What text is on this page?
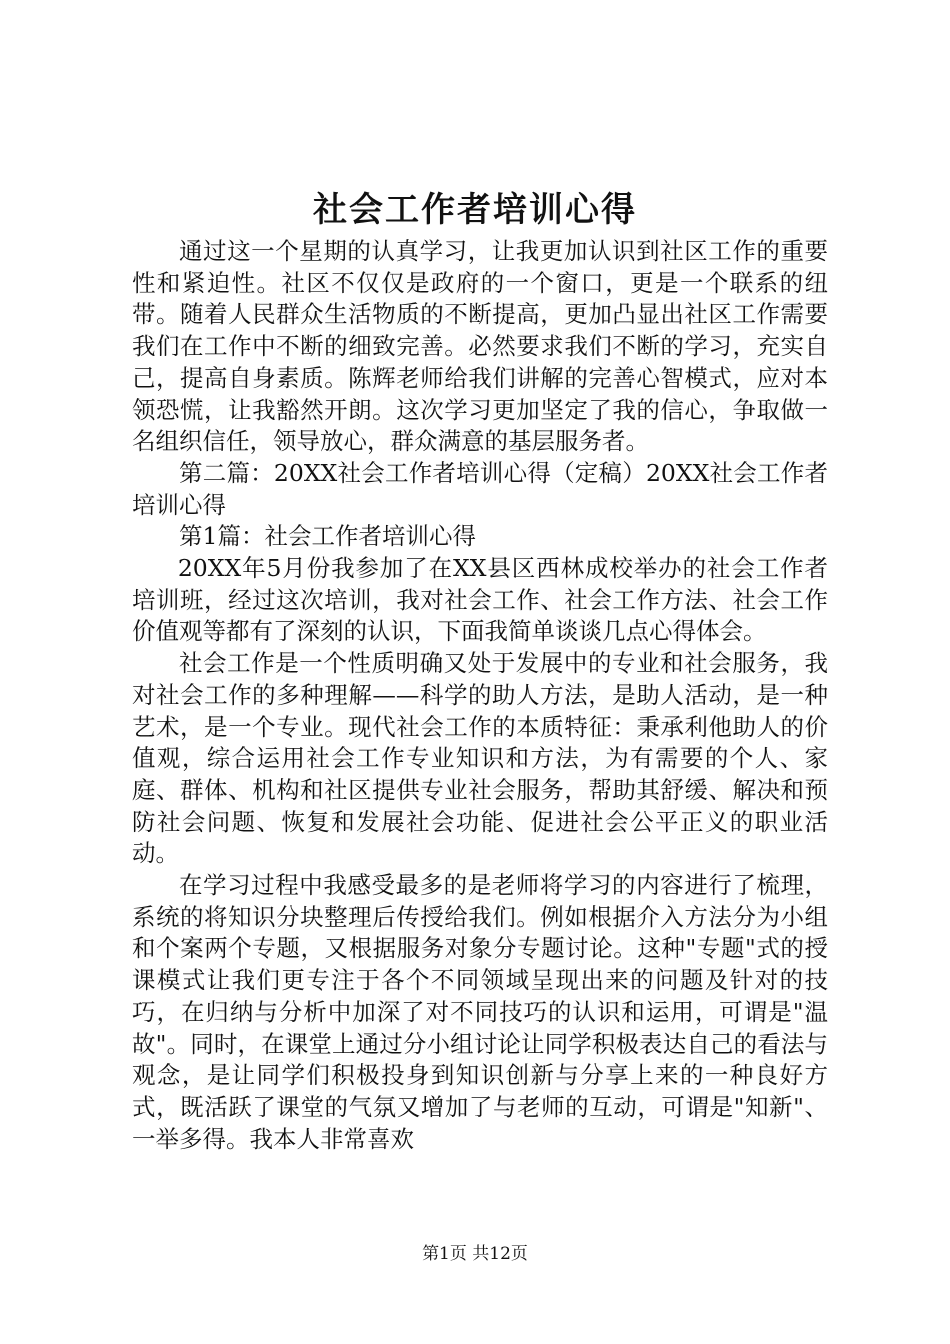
社会工作者培训心得

通过这一个星期的认真学习，让我更加认识到社区工作的重要性和紧迫性。社区不仅仅是政府的一个窗口，更是一个联系的纽带。随着人民群众生活物质的不断提高，更加凸显出社区工作需要我们在工作中不断的细致完善。必然要求我们不断的学习，充实自己，提高自身素质。陈辉老师给我们讲解的完善心智模式，应对本领恐慌，让我豁然开朗。这次学习更加坚定了我的信心，争取做一名组织信任，领导放心，群众满意的基层服务者。

第二篇：20XX社会工作者培训心得（定稿）20XX社会工作者培训心得

第1篇：社会工作者培训心得

20XX年5月份我参加了在XX县区西林成校举办的社会工作者培训班，经过这次培训，我对社会工作、社会工作方法、社会工作价值观等都有了深刻的认识，下面我简单谈谈几点心得体会。

社会工作是一个性质明确又处于发展中的专业和社会服务，我对社会工作的多种理解——科学的助人方法，是助人活动，是一种艺术，是一个专业。现代社会工作的本质特征：秉承利他助人的价值观，综合运用社会工作专业知识和方法，为有需要的个人、家庭、群体、机构和社区提供专业社会服务，帮助其舒缓、解决和预防社会问题、恢复和发展社会功能、促进社会公平正义的职业活动。

在学习过程中我感受最多的是老师将学习的内容进行了梳理，系统的将知识分块整理后传授给我们。例如根据介入方法分为小组和个案两个专题，又根据服务对象分专题讨论。这种"专题"式的授课模式让我们更专注于各个不同领域呈现出来的问题及针对的技巧，在归纳与分析中加深了对不同技巧的认识和运用，可谓是"温故"。同时，在课堂上通过分小组讨论让同学积极表达自己的看法与观念，是让同学们积极投身到知识创新与分享上来的一种良好方式，既活跃了课堂的气氛又增加了与老师的互动，可谓是"知新"、一举多得。我本人非常喜欢

第1页 共12页
